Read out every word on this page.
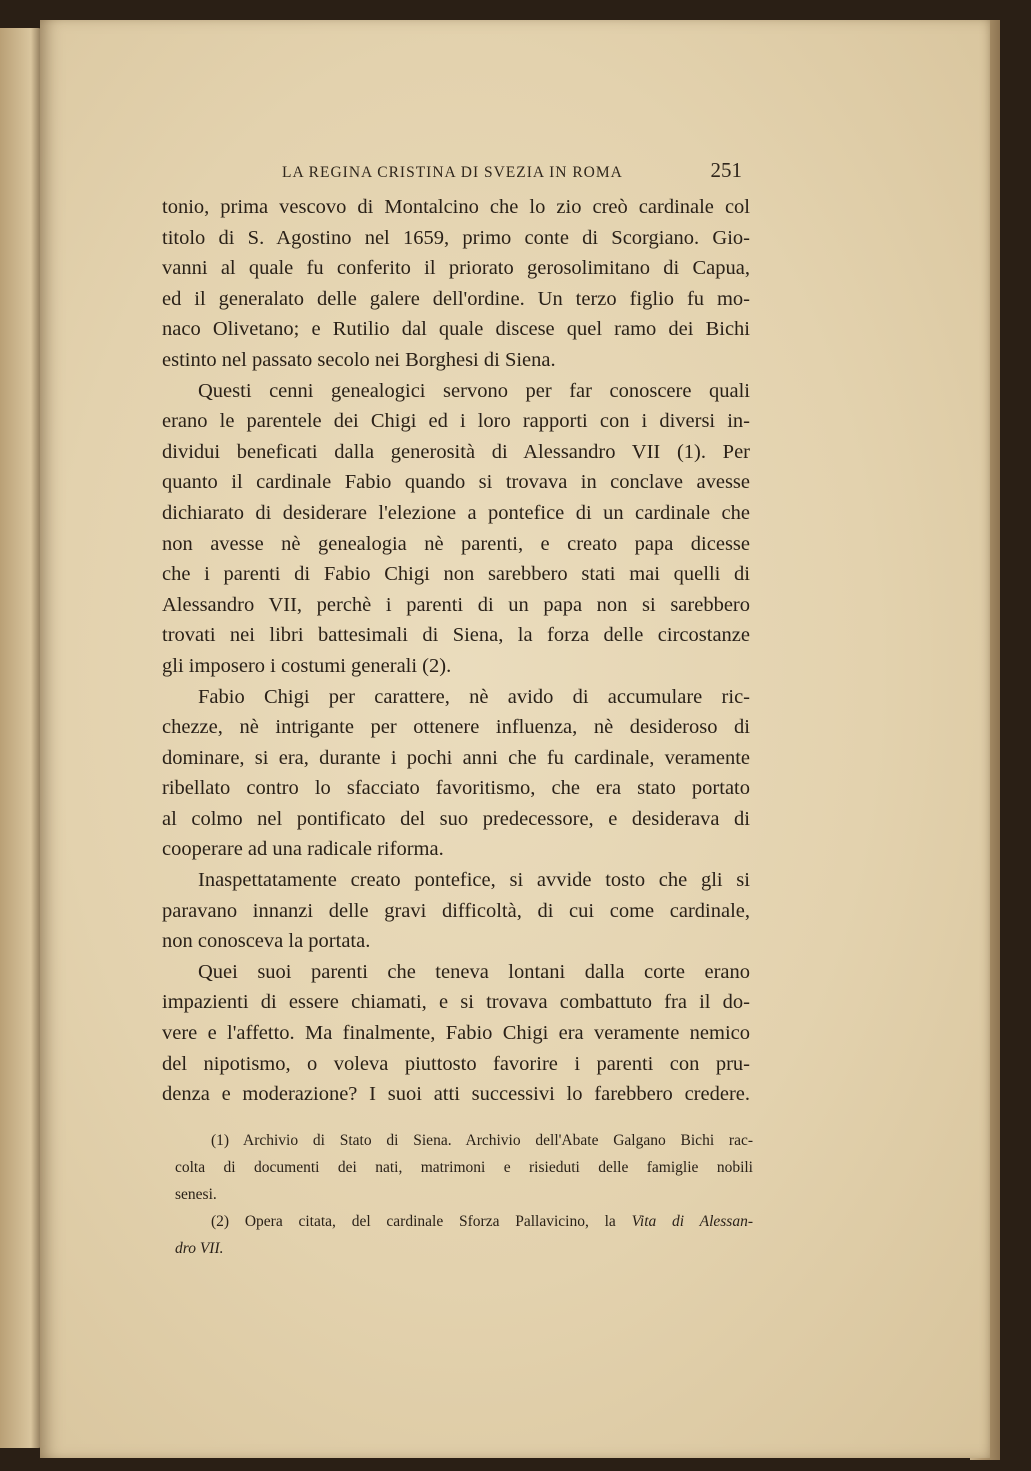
LA REGINA CRISTINA DI SVEZIA IN ROMA	251
tonio, prima vescovo di Montalcino che lo zio creò cardinale col
titolo di S. Agostino nel 1659, primo conte di Scorgiano. Gio-
vanni al quale fu conferito il priorato gerosolimitano di Capua,
ed il generalato delle galere dell'ordine. Un terzo figlio fu mo-
naco Olivetano; e Rutilio dal quale discese quel ramo dei Bichi
estinto nel passato secolo nei Borghesi di Siena.
Questi cenni genealogici servono per far conoscere quali
erano le parentele dei Chigi ed i loro rapporti con i diversi in-
dividui beneficati dalla generosità di Alessandro VII (1). Per
quanto il cardinale Fabio quando si trovava in conclave avesse
dichiarato di desiderare l'elezione a pontefice di un cardinale che
non avesse nè genealogia nè parenti, e creato papa dicesse
che i parenti di Fabio Chigi non sarebbero stati mai quelli di
Alessandro VII, perchè i parenti di un papa non si sarebbero
trovati nei libri battesimali di Siena, la forza delle circostanze
gli imposero i costumi generali (2).
Fabio Chigi per carattere, nè avido di accumulare ric-
chezze, nè intrigante per ottenere influenza, nè desideroso di
dominare, si era, durante i pochi anni che fu cardinale, veramente
ribellato contro lo sfacciato favoritismo, che era stato portato
al colmo nel pontificato del suo predecessore, e desiderava di
cooperare ad una radicale riforma.
Inaspettatamente creato pontefice, si avvide tosto che gli si
paravano innanzi delle gravi difficoltà, di cui come cardinale,
non conosceva la portata.
Quei suoi parenti che teneva lontani dalla corte erano
impazienti di essere chiamati, e si trovava combattuto fra il do-
vere e l'affetto. Ma finalmente, Fabio Chigi era veramente nemico
del nipotismo, o voleva piuttosto favorire i parenti con pru-
denza e moderazione? I suoi atti successivi lo farebbero credere.
(1) Archivio di Stato di Siena. Archivio dell'Abate Galgano Bichi rac-
colta di documenti dei nati, matrimoni e risieduti delle famiglie nobili
senesi.
(2) Opera citata, del cardinale Sforza Pallavicino, la Vita di Alessan-
dro VII.
